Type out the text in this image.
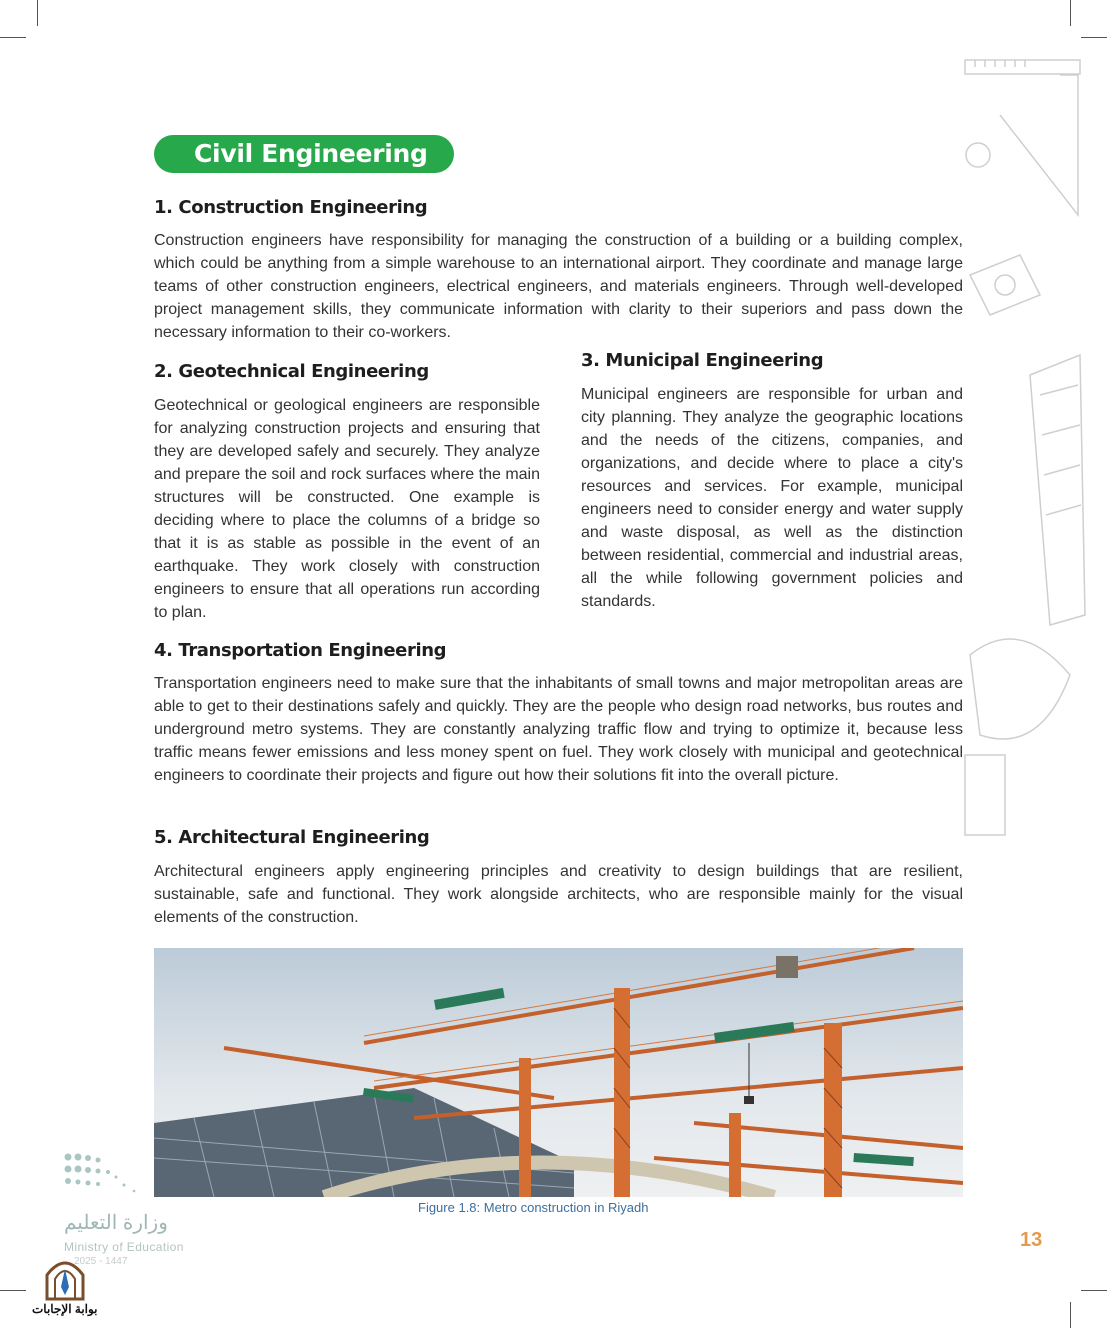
Civil Engineering
1. Construction Engineering
Construction engineers have responsibility for managing the construction of a building or a building complex, which could be anything from a simple warehouse to an international airport. They coordinate and manage large teams of other construction engineers, electrical engineers, and materials engineers. Through well-developed project management skills, they communicate information with clarity to their superiors and pass down the necessary information to their co-workers.
2. Geotechnical Engineering
Geotechnical or geological engineers are responsible for analyzing construction projects and ensuring that they are developed safely and securely. They analyze and prepare the soil and rock surfaces where the main structures will be constructed. One example is deciding where to place the columns of a bridge so that it is as stable as possible in the event of an earthquake. They work closely with construction engineers to ensure that all operations run according to plan.
3. Municipal Engineering
Municipal engineers are responsible for urban and city planning. They analyze the geographic locations and the needs of the citizens, companies, and organizations, and decide where to place a city's resources and services. For example, municipal engineers need to consider energy and water supply and waste disposal, as well as the distinction between residential, commercial and industrial areas, all the while following government policies and standards.
4. Transportation Engineering
Transportation engineers need to make sure that the inhabitants of small towns and major metropolitan areas are able to get to their destinations safely and quickly. They are the people who design road networks, bus routes and underground metro systems. They are constantly analyzing traffic flow and trying to optimize it, because less traffic means fewer emissions and less money spent on fuel. They work closely with municipal and geotechnical engineers to coordinate their projects and figure out how their solutions fit into the overall picture.
5. Architectural Engineering
Architectural engineers apply engineering principles and creativity to design buildings that are resilient, sustainable, safe and functional. They work alongside architects, who are responsible mainly for the visual elements of the construction.
Figure 1.8: Metro construction in Riyadh
13
وزارة التعليم
Ministry of Education
2025 - 1447
بوابة الإجابات
